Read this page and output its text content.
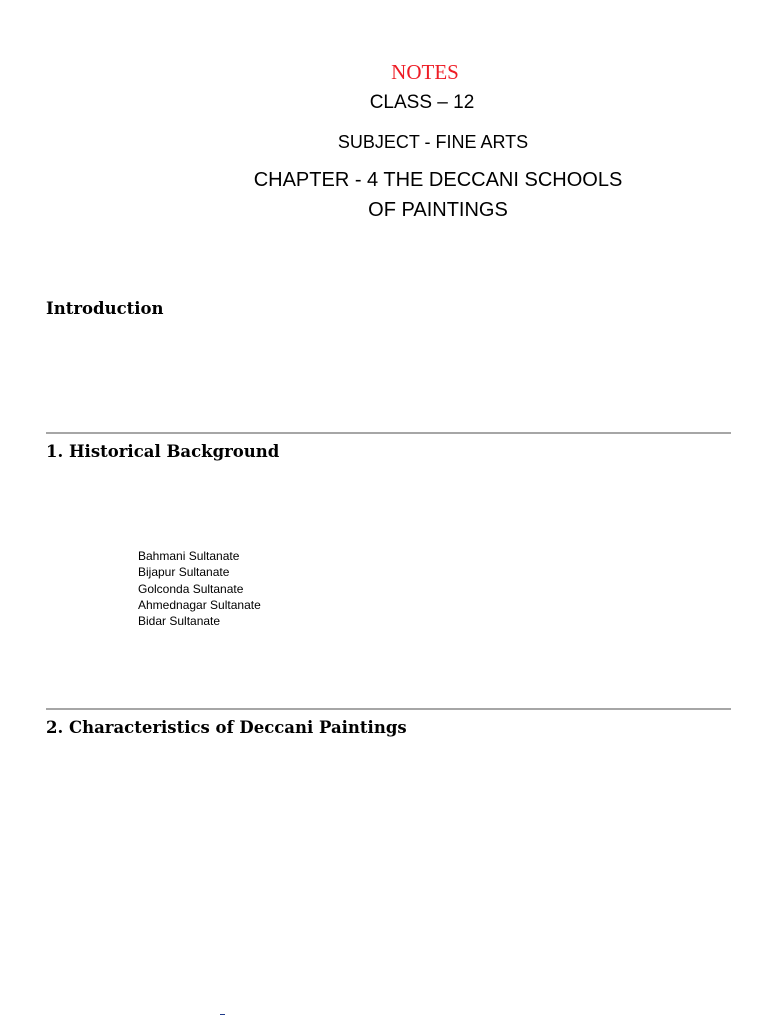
NOTES
CLASS – 12
SUBJECT - FINE ARTS
CHAPTER - 4 THE DECCANI SCHOOLS
OF PAINTINGS
Introduction
1. Historical Background
Bahmani Sultanate
Bijapur Sultanate
Golconda Sultanate
Ahmednagar Sultanate
Bidar Sultanate
2. Characteristics of Deccani Paintings
